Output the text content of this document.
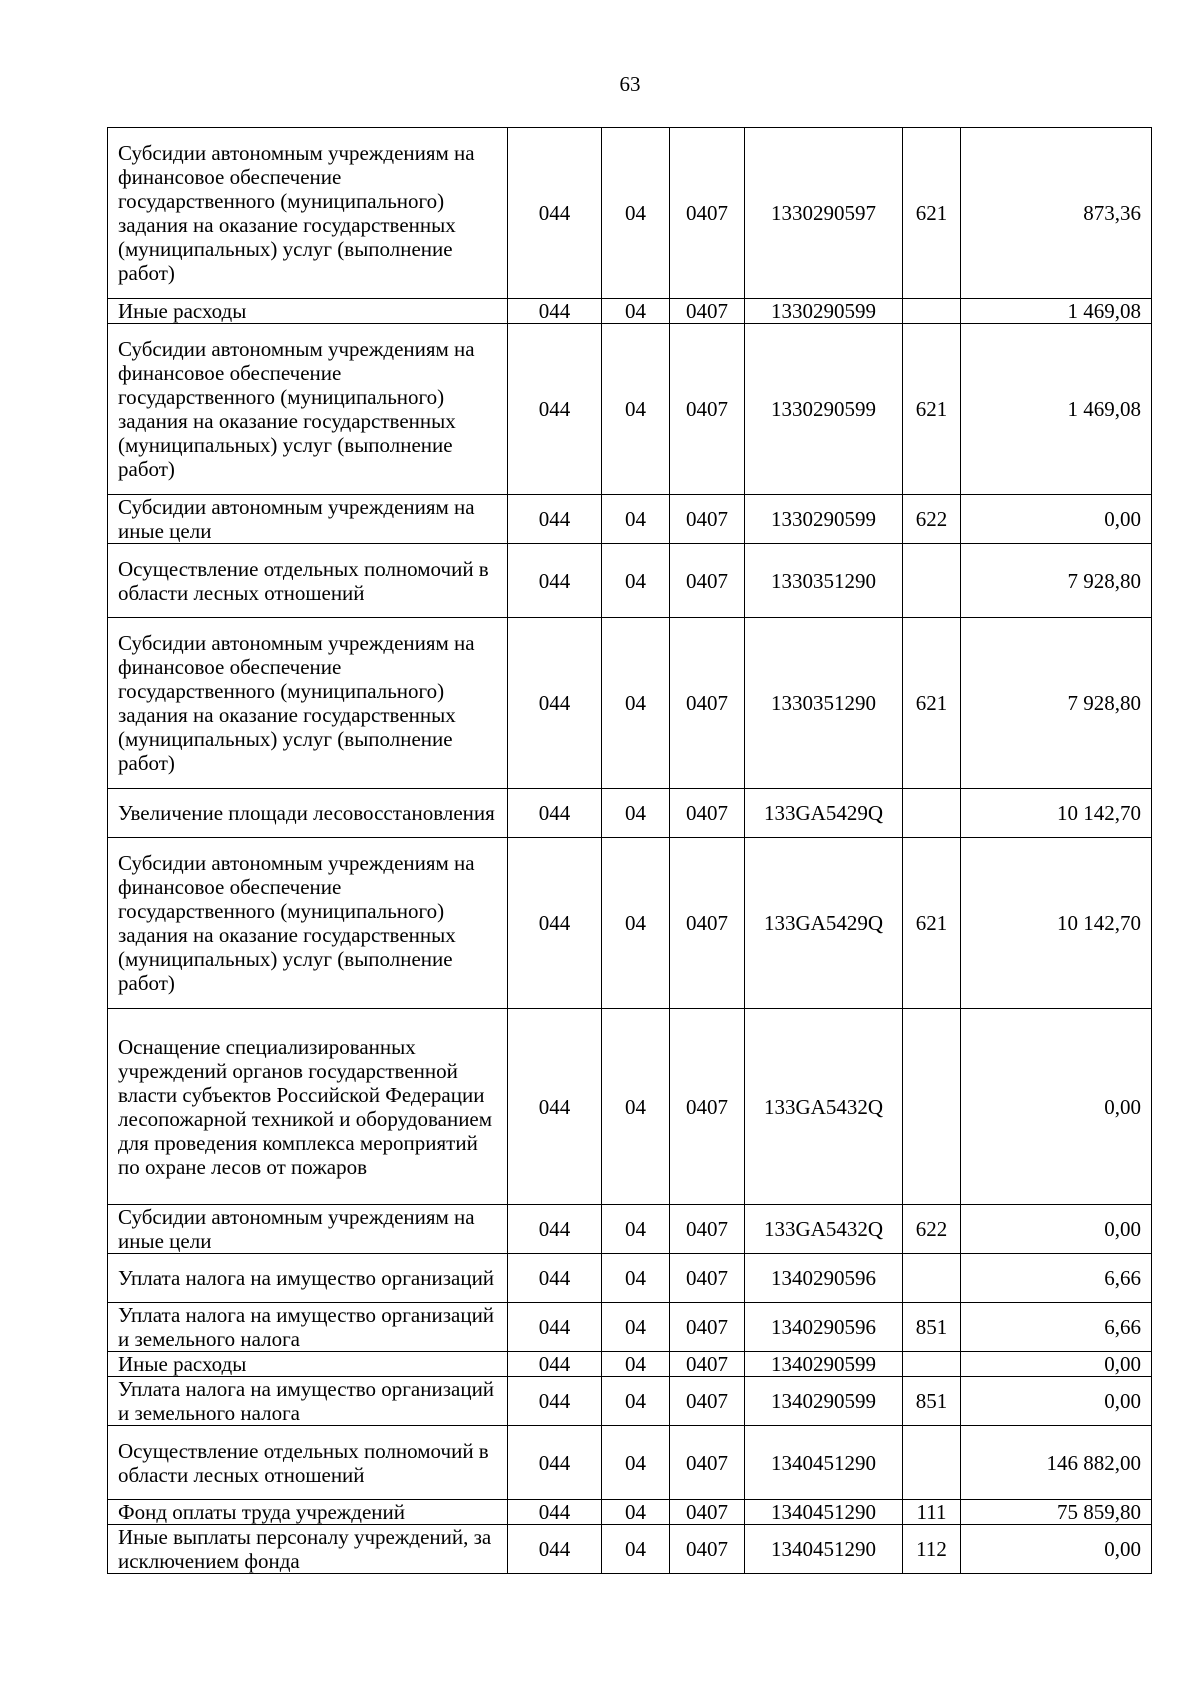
63
Субсидии автономным учреждениям на финансовое обеспечение государственного (муниципального) задания на оказание государственных (муниципальных) услуг (выполнение работ)	044	04	0407	1330290597	621	873,36
Иные расходы	044	04	0407	1330290599		1 469,08
Субсидии автономным учреждениям на финансовое обеспечение государственного (муниципального) задания на оказание государственных (муниципальных) услуг (выполнение работ)	044	04	0407	1330290599	621	1 469,08
Субсидии автономным учреждениям на иные цели	044	04	0407	1330290599	622	0,00
Осуществление отдельных полномочий в области лесных отношений	044	04	0407	1330351290		7 928,80
Субсидии автономным учреждениям на финансовое обеспечение государственного (муниципального) задания на оказание государственных (муниципальных) услуг (выполнение работ)	044	04	0407	1330351290	621	7 928,80
Увеличение площади лесовосстановления	044	04	0407	133GA5429Q		10 142,70
Субсидии автономным учреждениям на финансовое обеспечение государственного (муниципального) задания на оказание государственных (муниципальных) услуг (выполнение работ)	044	04	0407	133GA5429Q	621	10 142,70
Оснащение специализированных учреждений органов государственной власти субъектов Российской Федерации лесопожарной техникой и оборудованием для проведения комплекса мероприятий по охране лесов от пожаров	044	04	0407	133GA5432Q		0,00
Субсидии автономным учреждениям на иные цели	044	04	0407	133GA5432Q	622	0,00
Уплата налога на имущество организаций	044	04	0407	1340290596		6,66
Уплата налога на имущество организаций и земельного налога	044	04	0407	1340290596	851	6,66
Иные расходы	044	04	0407	1340290599		0,00
Уплата налога на имущество организаций и земельного налога	044	04	0407	1340290599	851	0,00
Осуществление отдельных полномочий в области лесных отношений	044	04	0407	1340451290		146 882,00
Фонд оплаты труда учреждений	044	04	0407	1340451290	111	75 859,80
Иные выплаты персоналу учреждений, за исключением фонда	044	04	0407	1340451290	112	0,00
